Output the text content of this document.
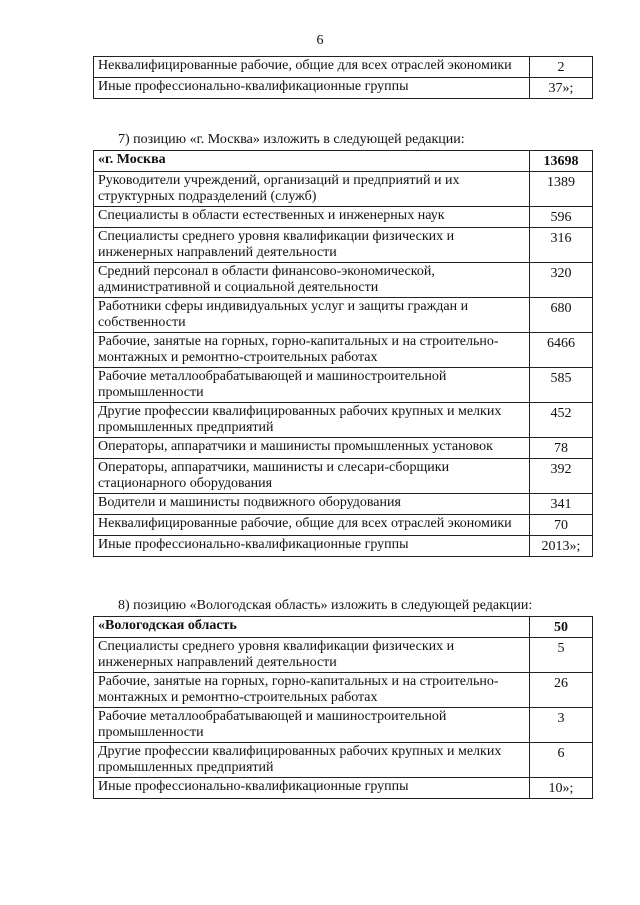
6
Неквалифицированные рабочие, общие для всех отраслей экономики	2
Иные профессионально-квалификационные группы	37»;
7) позицию «г. Москва» изложить в следующей редакции:
«г. Москва	13698
Руководители учреждений, организаций и предприятий и их структурных подразделений (служб)	1389
Специалисты в области естественных и инженерных наук	596
Специалисты среднего уровня квалификации физических и инженерных направлений деятельности	316
Средний персонал в области финансово-экономической, административной и социальной деятельности	320
Работники сферы индивидуальных услуг и защиты граждан и собственности	680
Рабочие, занятые на горных, горно-капитальных и на строительно-монтажных и ремонтно-строительных работах	6466
Рабочие металлообрабатывающей и машиностроительной промышленности	585
Другие профессии квалифицированных рабочих крупных и мелких промышленных предприятий	452
Операторы, аппаратчики и машинисты промышленных установок	78
Операторы, аппаратчики, машинисты и слесари-сборщики стационарного оборудования	392
Водители и машинисты подвижного оборудования	341
Неквалифицированные рабочие, общие для всех отраслей экономики	70
Иные профессионально-квалификационные группы	2013»;
8) позицию «Вологодская область» изложить в следующей редакции:
«Вологодская область	50
Специалисты среднего уровня квалификации физических и инженерных направлений деятельности	5
Рабочие, занятые на горных, горно-капитальных и на строительно-монтажных и ремонтно-строительных работах	26
Рабочие металлообрабатывающей и машиностроительной промышленности	3
Другие профессии квалифицированных рабочих крупных и мелких промышленных предприятий	6
Иные профессионально-квалификационные группы	10»;
